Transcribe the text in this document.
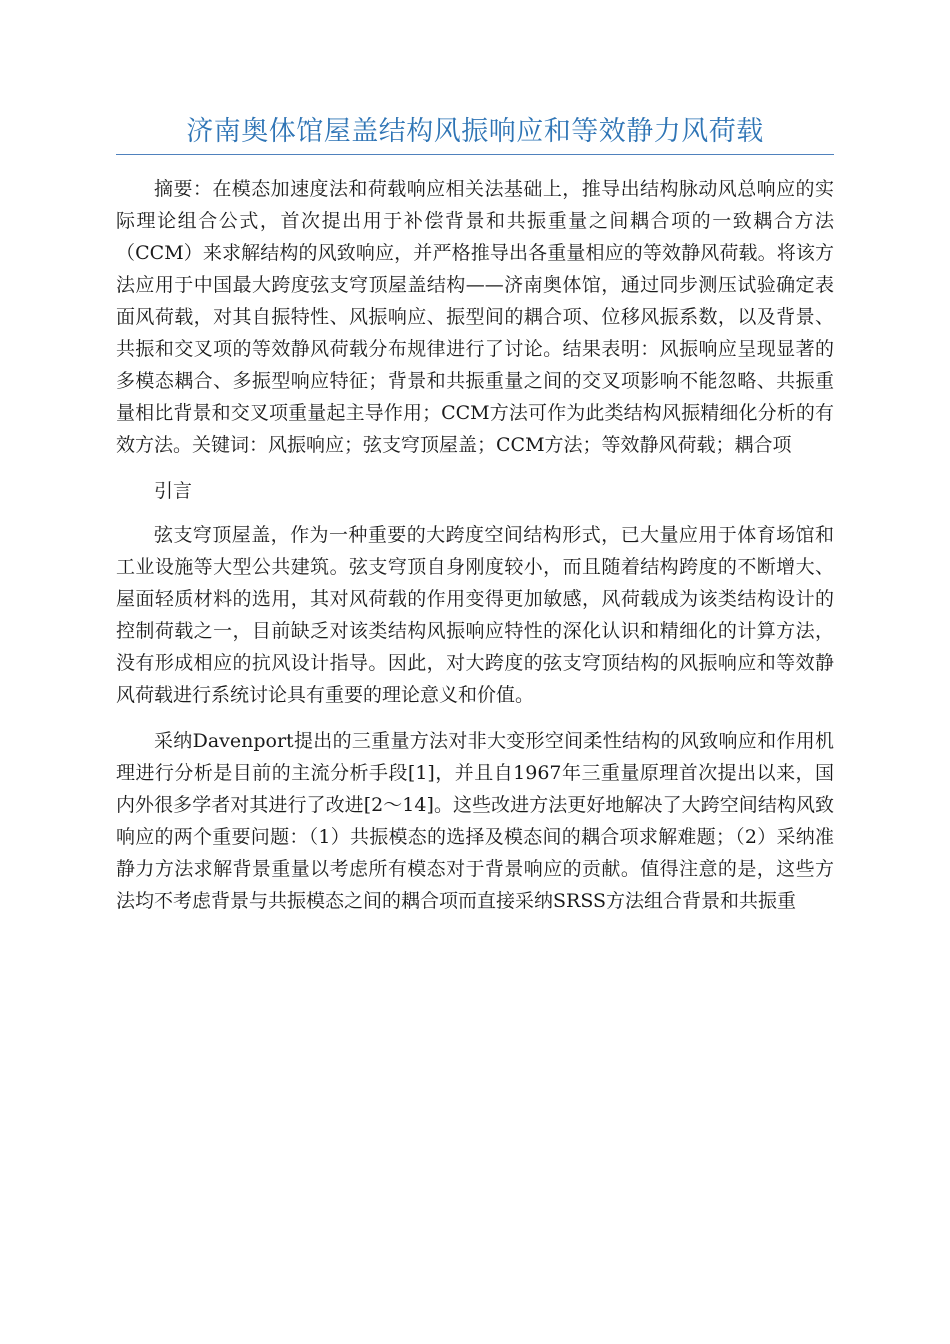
济南奥体馆屋盖结构风振响应和等效静力风荷载

摘要：在模态加速度法和荷载响应相关法基础上，推导出结构脉动风总响应的实际理论组合公式，首次提出用于补偿背景和共振重量之间耦合项的一致耦合方法（CCM）来求解结构的风致响应，并严格推导出各重量相应的等效静风荷载。将该方法应用于中国最大跨度弦支穹顶屋盖结构——济南奥体馆，通过同步测压试验确定表面风荷载，对其自振特性、风振响应、振型间的耦合项、位移风振系数，以及背景、共振和交叉项的等效静风荷载分布规律进行了讨论。结果表明：风振响应呈现显著的多模态耦合、多振型响应特征；背景和共振重量之间的交叉项影响不能忽略、共振重量相比背景和交叉项重量起主导作用；CCM方法可作为此类结构风振精细化分析的有效方法。关键词：风振响应；弦支穹顶屋盖；CCM方法；等效静风荷载；耦合项

引言

弦支穹顶屋盖，作为一种重要的大跨度空间结构形式，已大量应用于体育场馆和工业设施等大型公共建筑。弦支穹顶自身刚度较小，而且随着结构跨度的不断增大、屋面轻质材料的选用，其对风荷载的作用变得更加敏感，风荷载成为该类结构设计的控制荷载之一，目前缺乏对该类结构风振响应特性的深化认识和精细化的计算方法，没有形成相应的抗风设计指导。因此，对大跨度的弦支穹顶结构的风振响应和等效静风荷载进行系统讨论具有重要的理论意义和价值。

采纳Davenport提出的三重量方法对非大变形空间柔性结构的风致响应和作用机理进行分析是目前的主流分析手段[1]，并且自1967年三重量原理首次提出以来，国内外很多学者对其进行了改进[2～14]。这些改进方法更好地解决了大跨空间结构风致响应的两个重要问题：（1）共振模态的选择及模态间的耦合项求解难题；（2）采纳准静力方法求解背景重量以考虑所有模态对于背景响应的贡献。值得注意的是，这些方法均不考虑背景与共振模态之间的耦合项而直接采纳SRSS方法组合背景和共振重
